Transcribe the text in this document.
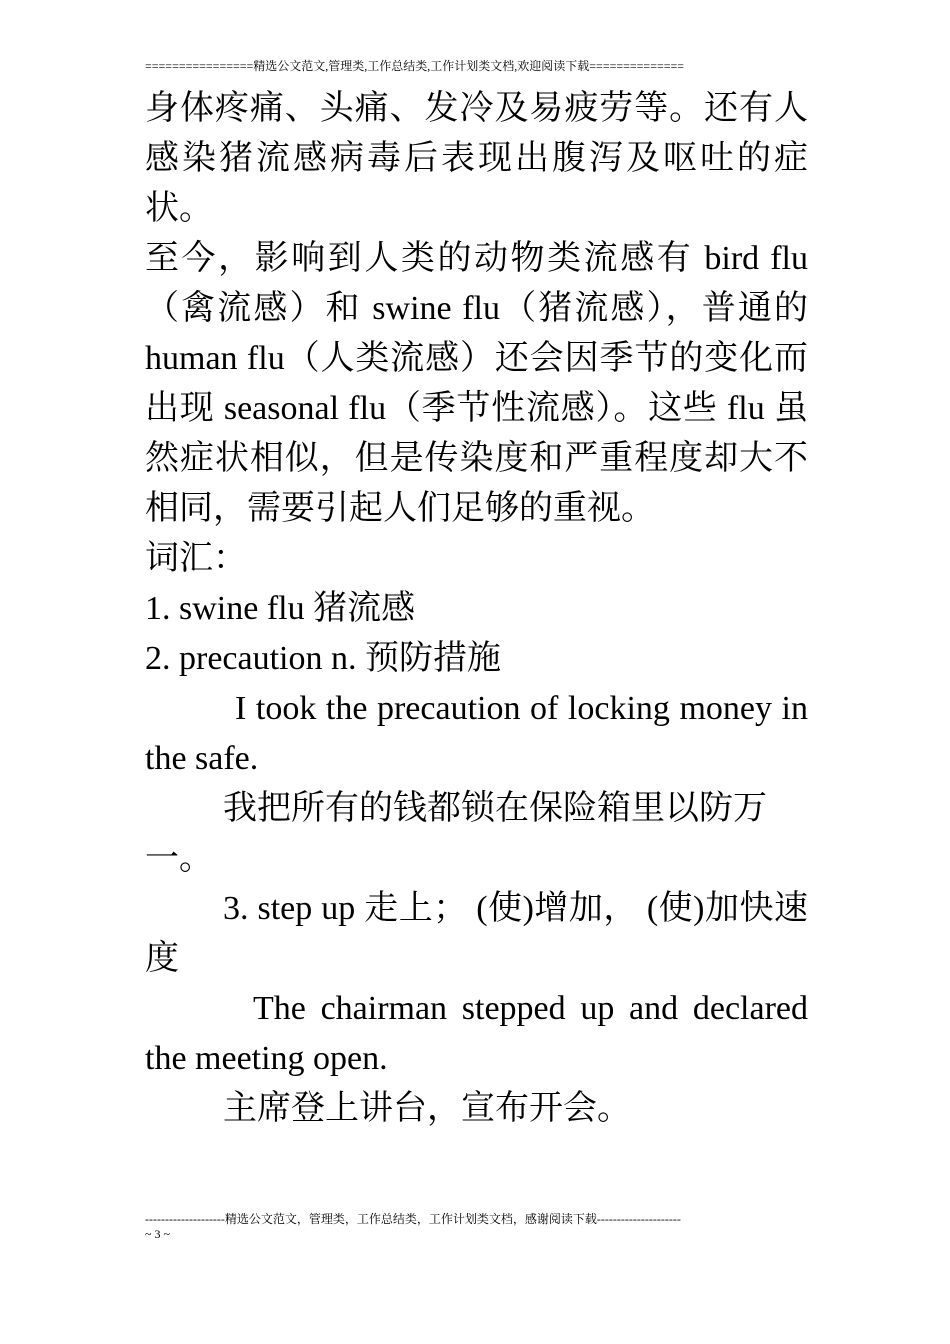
================精选公文范文,管理类,工作总结类,工作计划类文档,欢迎阅读下载==============

身体疼痛、头痛、发冷及易疲劳等。还有人感染猪流感病毒后表现出腹泻及呕吐的症状。

至今，影响到人类的动物类流感有 bird flu（禽流感）和 swine flu（猪流感），普通的 human flu（人类流感）还会因季节的变化而出现 seasonal flu（季节性流感）。这些 flu 虽然症状相似，但是传染度和严重程度却大不相同，需要引起人们足够的重视。

词汇：

1. swine flu 猪流感

2. precaution n. 预防措施

I took the precaution of locking money in the safe.

我把所有的钱都锁在保险箱里以防万一。

3. step up 走上； (使)增加， (使)加快速度

The chairman stepped up and declared the meeting open.

主席登上讲台，宣布开会。

--------------------精选公文范文，管理类，工作总结类，工作计划类文档，感谢阅读下载---------------------
~ 3 ~
